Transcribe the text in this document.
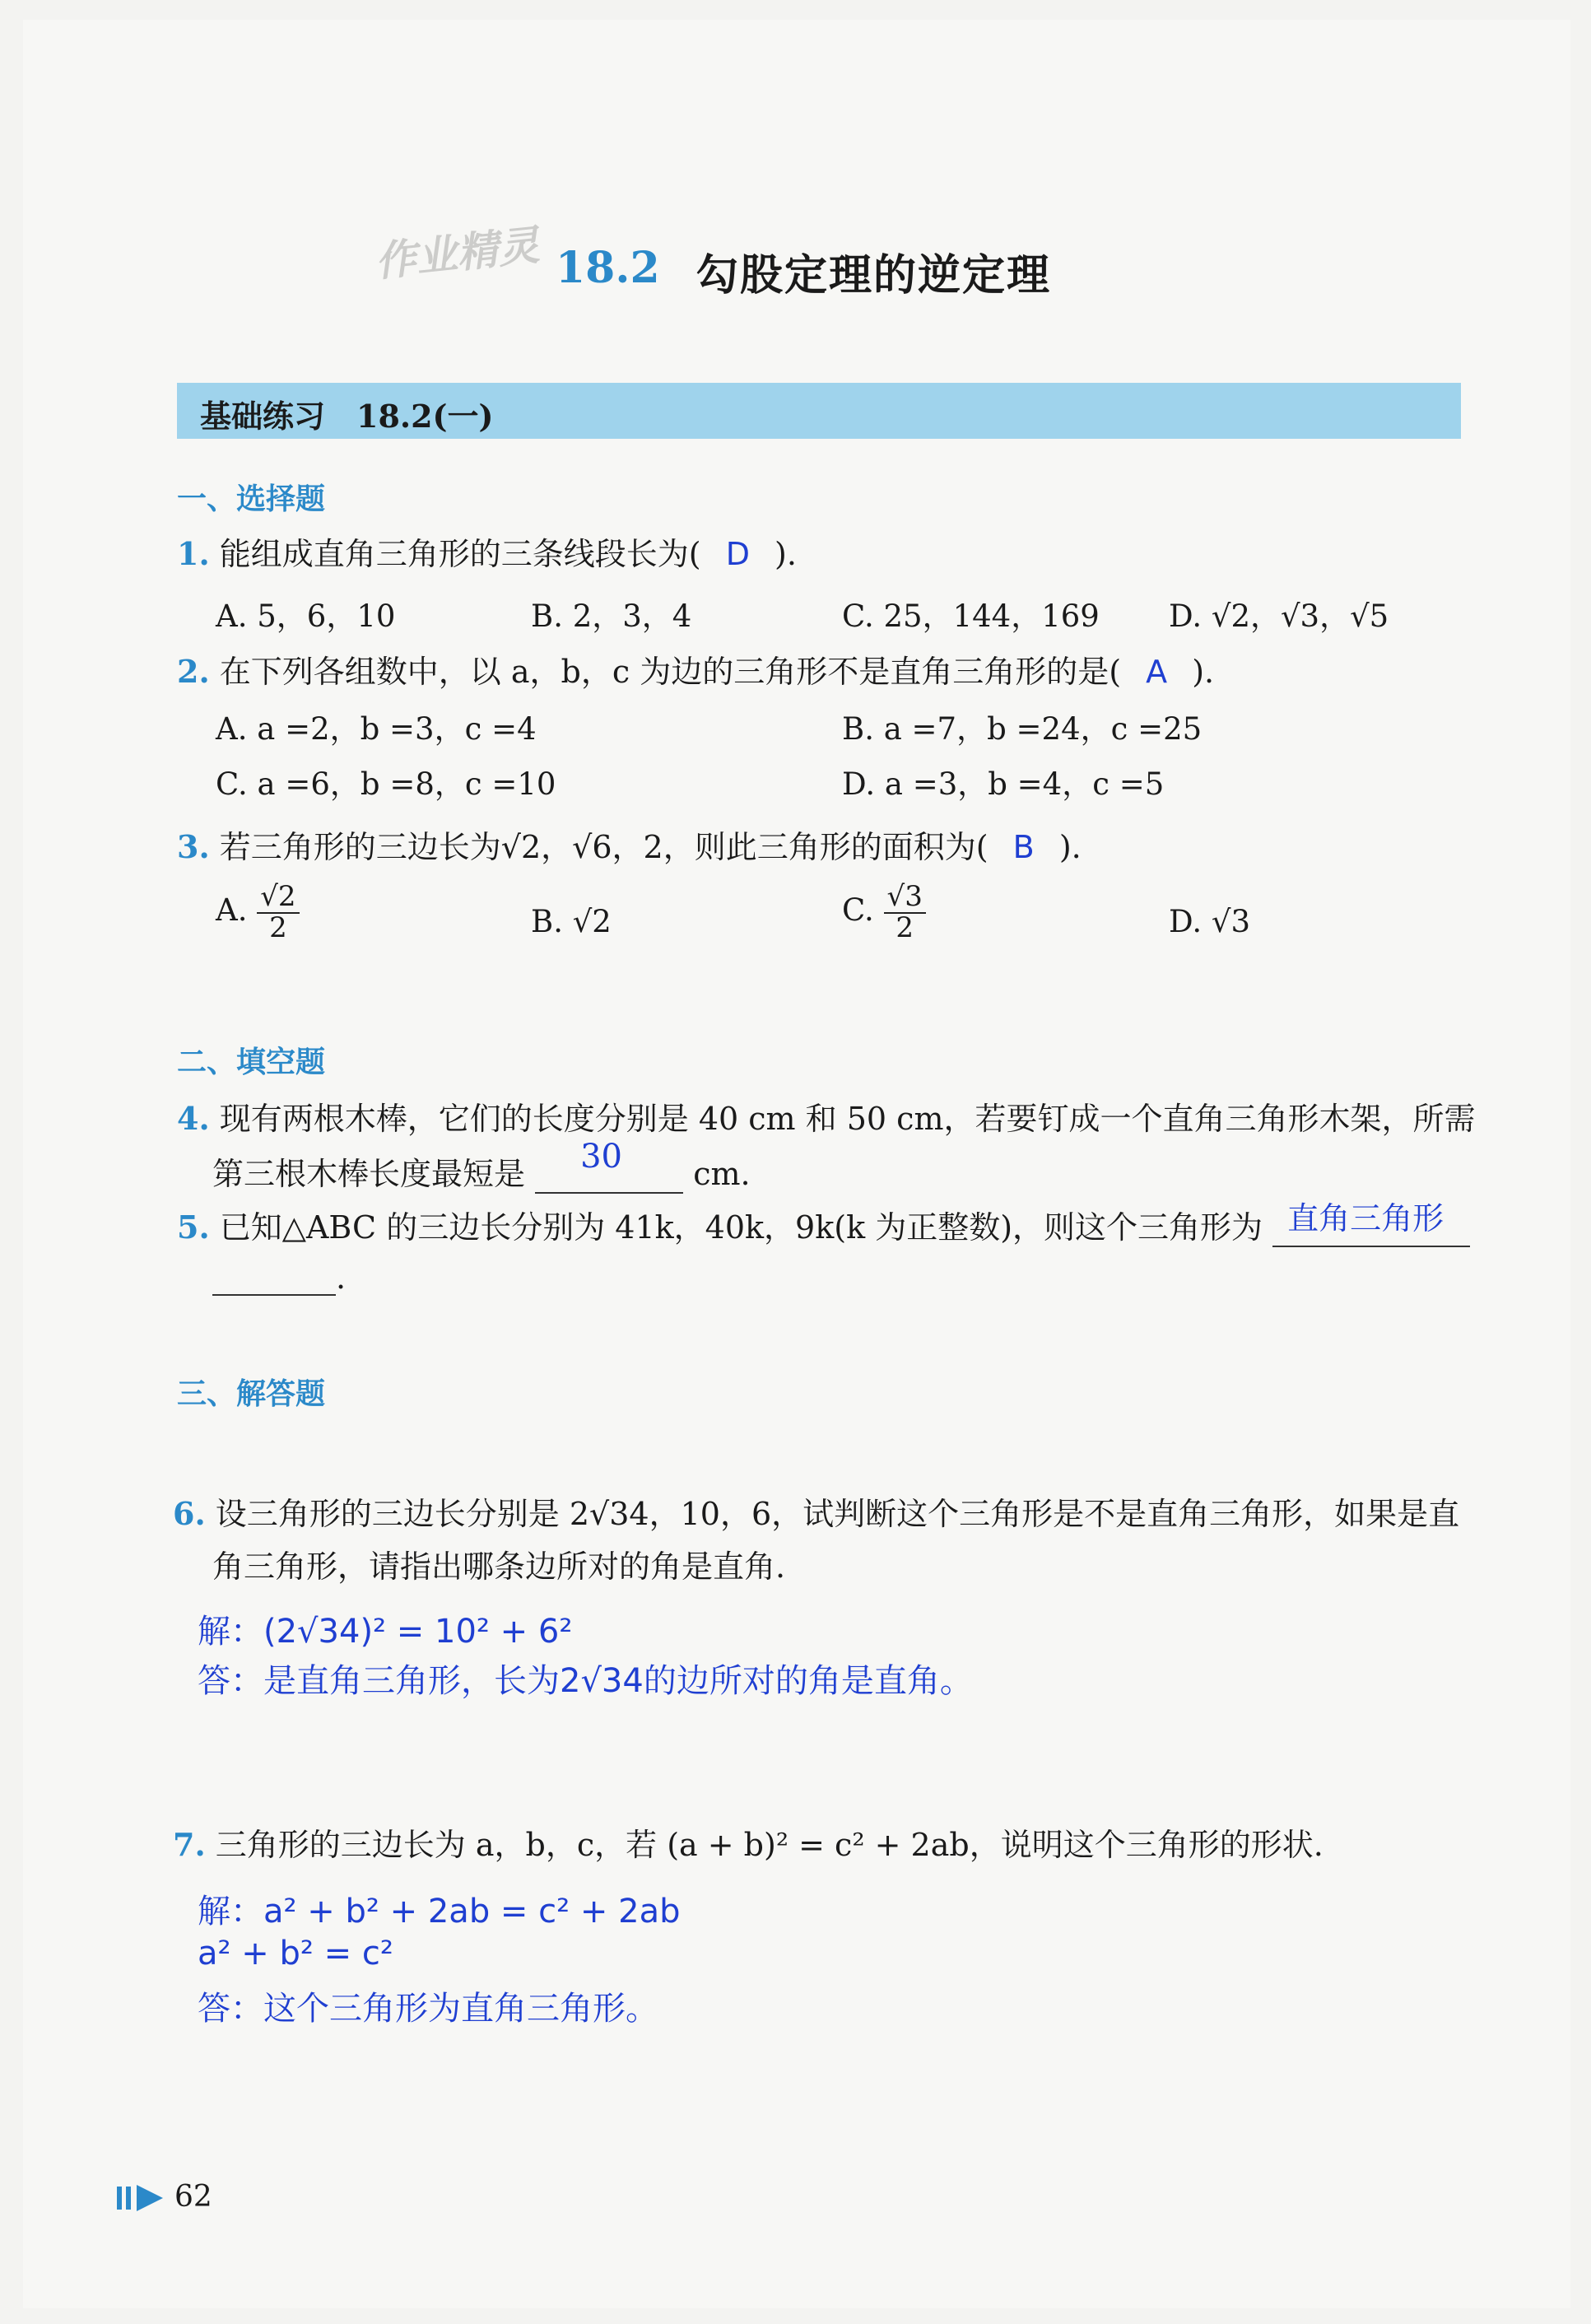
作业精灵 18.2 勾股定理的逆定理
基础练习　18.2(一)
一、选择题
1. 能组成直角三角形的三条线段长为( D ).
A. 5，6，10	B. 2，3，4	C. 25，144，169 D. √2，√3，√5
2. 在下列各组数中，以 a，b，c 为边的三角形不是直角三角形的是( A ).
A. a =2，b =3，c =4	B. a =7，b =24，c =25
C. a =6，b =8，c =10	D. a =3，b =4，c =5
3. 若三角形的三边长为√2，√6，2，则此三角形的面积为( B ).
A. $\frac{√2}{2}$	B. √2	C. $\frac{√3}{2}$	D. √3
二、填空题
4. 现有两根木棒，它们的长度分别是 40 cm 和 50 cm，若要钉成一个直角三角形木架，所需
第三根木棒长度最短是 30 cm.
5. 已知△ABC 的三边长分别为 41k，40k，9k(k 为正整数)，则这个三角形为 直角三角形
.
三、解答题
6. 设三角形的三边长分别是 2√34，10，6，试判断这个三角形是不是直角三角形，如果是直
角三角形，请指出哪条边所对的角是直角.
解：(2√34)² = 10² + 6²
答：是直角三角形，长为2√34的边所对的角是直角。
7. 三角形的三边长为 a，b，c，若 (a + b)² = c² + 2ab，说明这个三角形的形状.
解：a² + b² + 2ab = c² + 2ab
a² + b² = c²
答：这个三角形为直角三角形。
62
